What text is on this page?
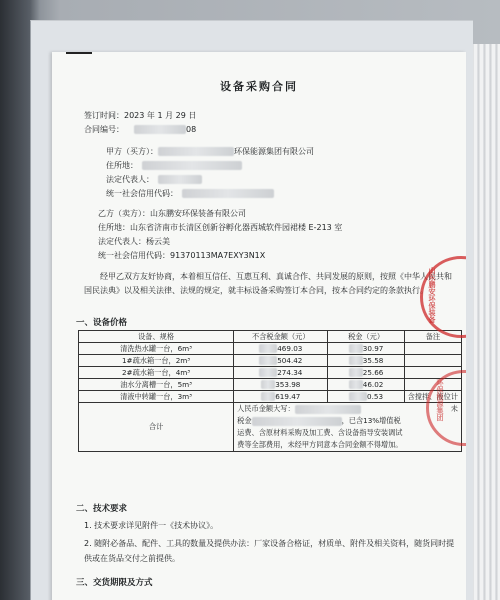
设备采购合同
签订时间：2023 年 1 月 29 日
合同编号：	08
甲方（买方）：	环保能源集团有限公司
住所地：
法定代表人：
统一社会信用代码：
乙方（卖方）：山东鹏安环保装备有限公司
住所地：山东省济南市长清区创新谷孵化器西城软件园裙楼 E-213 室
法定代表人：杨云美
统一社会信用代码：91370113MA7EXY3N1X
经甲乙双方友好协商，本着相互信任、互惠互利、真诚合作、共同发展的原则，按照《中华人民共和国民法典》以及相关法律、法规的规定，就丰标设备采购签订本合同，按本合同约定的条款执行。
一、设备价格
设备、规格	不含税金额（元）	税金（元）	备注
清洗热水罐一台，6m³	469.03	30.97	
1#疏水箱一台，2m³	504.42	35.58	
2#疏水箱一台，4m³	274.34	25.66	
油水分离槽一台，5m³	353.98	46.02	
清液中转罐一台，3m³	619.47	0.53	含搅拌、液位计
合计	人民币金额大写： 未
税金 ，已含13%增值税
运费、含原材料采购及加工费、含设备指导安装调试
费等全部费用，未经甲方同意本合同金额不得增加。		
二、技术要求
1. 技术要求详见附件一《技术协议》。
2. 随附必备品、配件、工具的数量及提供办法：厂家设备合格证，材质单、附件及相关资料，随货同时提供或在货品交付之前提供。
三、交货期限及方式
山东鹏安环保装备
环保能源集团
